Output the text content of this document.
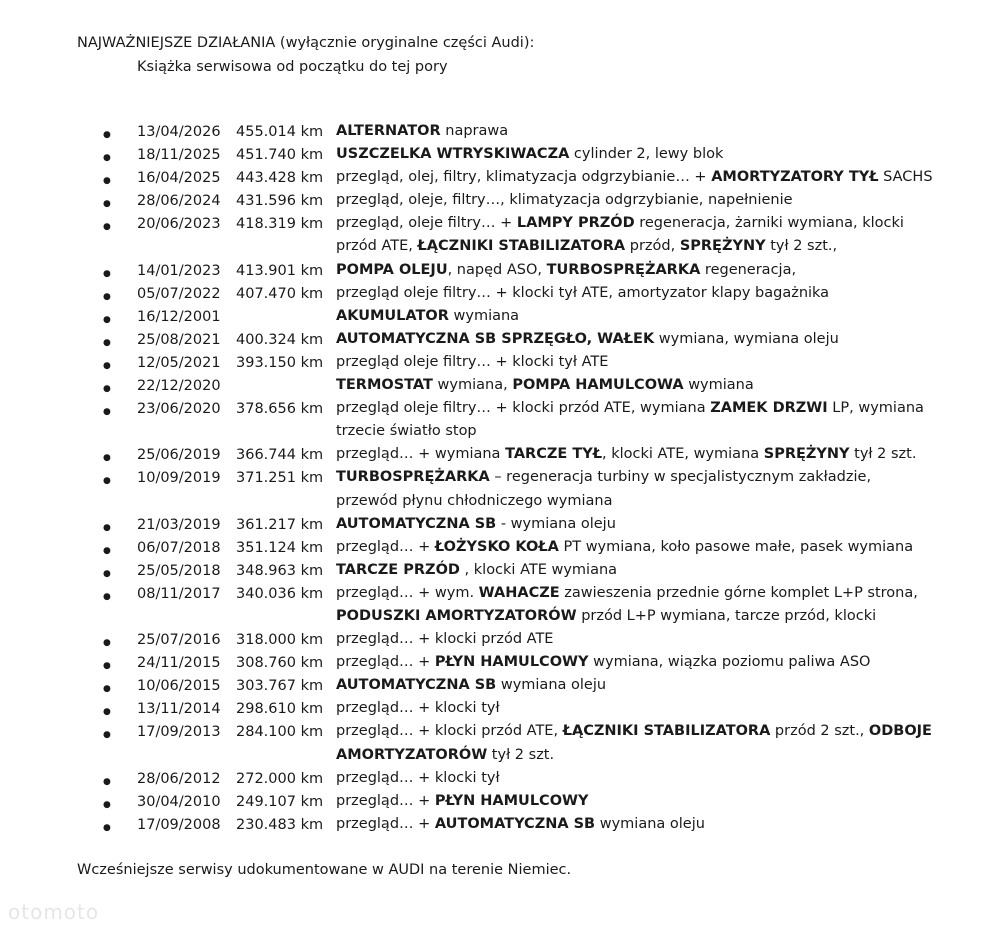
NAJWAŻNIEJSZE DZIAŁANIA (wyłącznie oryginalne części Audi):
Książka serwisowa od początku do tej pory
● 13/04/2026 455.014 km ALTERNATOR naprawa
● 18/11/2025 451.740 km USZCZELKA WTRYSKIWACZA cylinder 2, lewy blok
● 16/04/2025 443.428 km przegląd, olej, filtry, klimatyzacja odgrzybianie… + AMORTYZATORY TYŁ SACHS
● 28/06/2024 431.596 km przegląd, oleje, filtry…, klimatyzacja odgrzybianie, napełnienie
● 20/06/2023 418.319 km przegląd, oleje filtry… + LAMPY PRZÓD regeneracja, żarniki wymiana, klocki przód ATE, ŁĄCZNIKI STABILIZATORA przód, SPRĘŻYNY tył 2 szt.,
● 14/01/2023 413.901 km POMPA OLEJU, napęd ASO, TURBOSPRĘŻARKA regeneracja,
● 05/07/2022 407.470 km przegląd oleje filtry… + klocki tył ATE, amortyzator klapy bagażnika
● 16/12/2001	AKUMULATOR wymiana
● 25/08/2021 400.324 km AUTOMATYCZNA SB SPRZĘGŁO, WAŁEK wymiana, wymiana oleju
● 12/05/2021 393.150 km przegląd oleje filtry… + klocki tył ATE
● 22/12/2020	TERMOSTAT wymiana, POMPA HAMULCOWA wymiana
● 23/06/2020 378.656 km przegląd oleje filtry… + klocki przód ATE, wymiana ZAMEK DRZWI LP, wymiana trzecie światło stop
● 25/06/2019 366.744 km przegląd… + wymiana TARCZE TYŁ, klocki ATE, wymiana SPRĘŻYNY tył 2 szt.
● 10/09/2019 371.251 km TURBOSPRĘŻARKA – regeneracja turbiny w specjalistycznym zakładzie, przewód płynu chłodniczego wymiana
● 21/03/2019 361.217 km AUTOMATYCZNA SB - wymiana oleju
● 06/07/2018 351.124 km przegląd… + ŁOŻYSKO KOŁA PT wymiana, koło pasowe małe, pasek wymiana
● 25/05/2018 348.963 km TARCZE PRZÓD , klocki ATE wymiana
● 08/11/2017 340.036 km przegląd… + wym. WAHACZE zawieszenia przednie górne komplet L+P strona, PODUSZKI AMORTYZATORÓW przód L+P wymiana, tarcze przód, klocki
● 25/07/2016 318.000 km przegląd… + klocki przód ATE
● 24/11/2015 308.760 km przegląd… + PŁYN HAMULCOWY wymiana, wiązka poziomu paliwa ASO
● 10/06/2015 303.767 km AUTOMATYCZNA SB wymiana oleju
● 13/11/2014 298.610 km przegląd… + klocki tył
● 17/09/2013 284.100 km przegląd… + klocki przód ATE, ŁĄCZNIKI STABILIZATORA przód 2 szt., ODBOJE AMORTYZATORÓW tył 2 szt.
● 28/06/2012 272.000 km przegląd… + klocki tył
● 30/04/2010 249.107 km przegląd… + PŁYN HAMULCOWY
● 17/09/2008 230.483 km przegląd… + AUTOMATYCZNA SB wymiana oleju
Wcześniejsze serwisy udokumentowane w AUDI na terenie Niemiec.
otomoto
